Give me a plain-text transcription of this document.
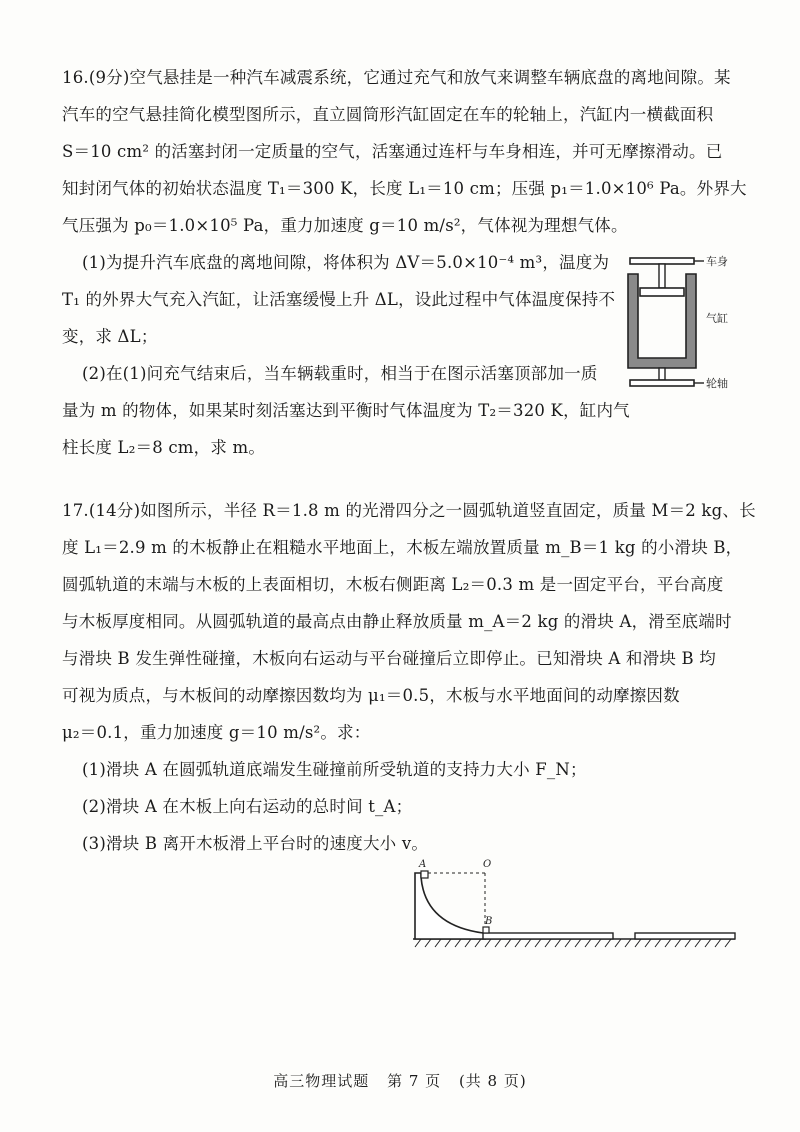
16.(9分)空气悬挂是一种汽车减震系统，它通过充气和放气来调整车辆底盘的离地间隙。某
汽车的空气悬挂简化模型图所示，直立圆筒形汽缸固定在车的轮轴上，汽缸内一横截面积
S＝10 cm² 的活塞封闭一定质量的空气，活塞通过连杆与车身相连，并可无摩擦滑动。已
知封闭气体的初始状态温度 T₁＝300 K，长度 L₁＝10 cm；压强 p₁＝1.0×10⁶ Pa。外界大
气压强为 p₀＝1.0×10⁵ Pa，重力加速度 g＝10 m/s²，气体视为理想气体。
(1)为提升汽车底盘的离地间隙，将体积为 ΔV＝5.0×10⁻⁴ m³，温度为
T₁ 的外界大气充入汽缸，让活塞缓慢上升 ΔL，设此过程中气体温度保持不
变，求 ΔL；
(2)在(1)问充气结束后，当车辆载重时，相当于在图示活塞顶部加一质
量为 m 的物体，如果某时刻活塞达到平衡时气体温度为 T₂＝320 K，缸内气
柱长度 L₂＝8 cm，求 m。
车身
气缸
轮轴
17.(14分)如图所示，半径 R＝1.8 m 的光滑四分之一圆弧轨道竖直固定，质量 M＝2 kg、长
度 L₁＝2.9 m 的木板静止在粗糙水平地面上，木板左端放置质量 m_B＝1 kg 的小滑块 B，
圆弧轨道的末端与木板的上表面相切，木板右侧距离 L₂＝0.3 m 是一固定平台，平台高度
与木板厚度相同。从圆弧轨道的最高点由静止释放质量 m_A＝2 kg 的滑块 A，滑至底端时
与滑块 B 发生弹性碰撞，木板向右运动与平台碰撞后立即停止。已知滑块 A 和滑块 B 均
可视为质点，与木板间的动摩擦因数均为 μ₁＝0.5，木板与水平地面间的动摩擦因数
μ₂＝0.1，重力加速度 g＝10 m/s²。求：
(1)滑块 A 在圆弧轨道底端发生碰撞前所受轨道的支持力大小 F_N；
(2)滑块 A 在木板上向右运动的总时间 t_A；
(3)滑块 B 离开木板滑上平台时的速度大小 v。
A	O
B
高三物理试题 第 7 页 (共 8 页)
